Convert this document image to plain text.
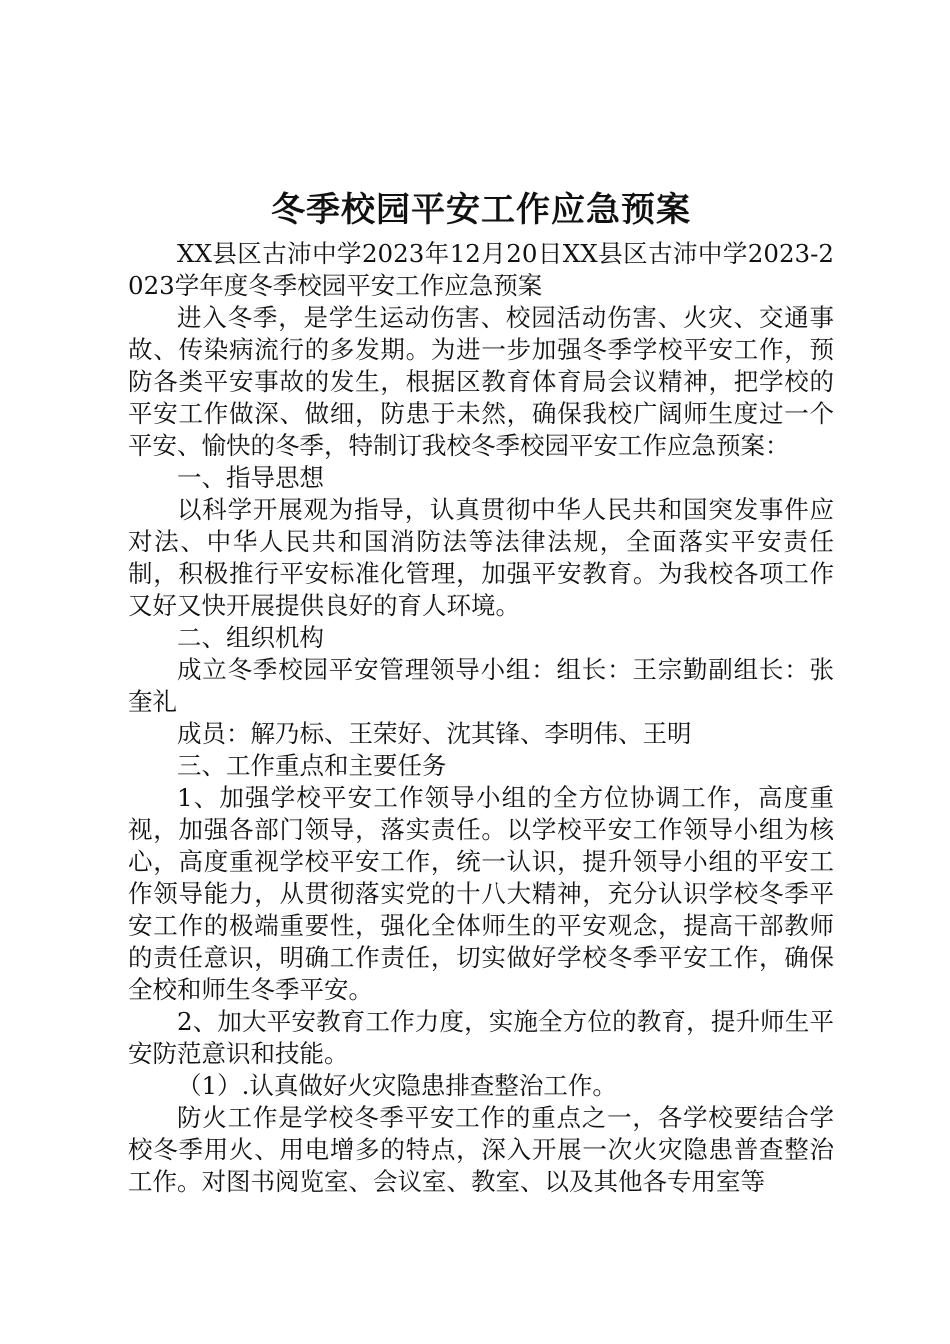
冬季校园平安工作应急预案

XX县区古沛中学2023年12月20日XX县区古沛中学2023-2023学年度冬季校园平安工作应急预案

进入冬季，是学生运动伤害、校园活动伤害、火灾、交通事故、传染病流行的多发期。为进一步加强冬季学校平安工作，预防各类平安事故的发生，根据区教育体育局会议精神，把学校的平安工作做深、做细，防患于未然，确保我校广阔师生度过一个平安、愉快的冬季，特制订我校冬季校园平安工作应急预案：

一、指导思想

以科学开展观为指导，认真贯彻中华人民共和国突发事件应对法、中华人民共和国消防法等法律法规，全面落实平安责任制，积极推行平安标准化管理，加强平安教育。为我校各项工作又好又快开展提供良好的育人环境。

二、组织机构

成立冬季校园平安管理领导小组：组长：王宗勤副组长：张奎礼

成员：解乃标、王荣好、沈其锋、李明伟、王明

三、工作重点和主要任务

1、加强学校平安工作领导小组的全方位协调工作，高度重视，加强各部门领导，落实责任。以学校平安工作领导小组为核心，高度重视学校平安工作，统一认识，提升领导小组的平安工作领导能力，从贯彻落实党的十八大精神，充分认识学校冬季平安工作的极端重要性，强化全体师生的平安观念，提高干部教师的责任意识，明确工作责任，切实做好学校冬季平安工作，确保全校和师生冬季平安。

2、加大平安教育工作力度，实施全方位的教育，提升师生平安防范意识和技能。

（1）.认真做好火灾隐患排查整治工作。

防火工作是学校冬季平安工作的重点之一，各学校要结合学校冬季用火、用电增多的特点，深入开展一次火灾隐患普查整治工作。对图书阅览室、会议室、教室、以及其他各专用室等
